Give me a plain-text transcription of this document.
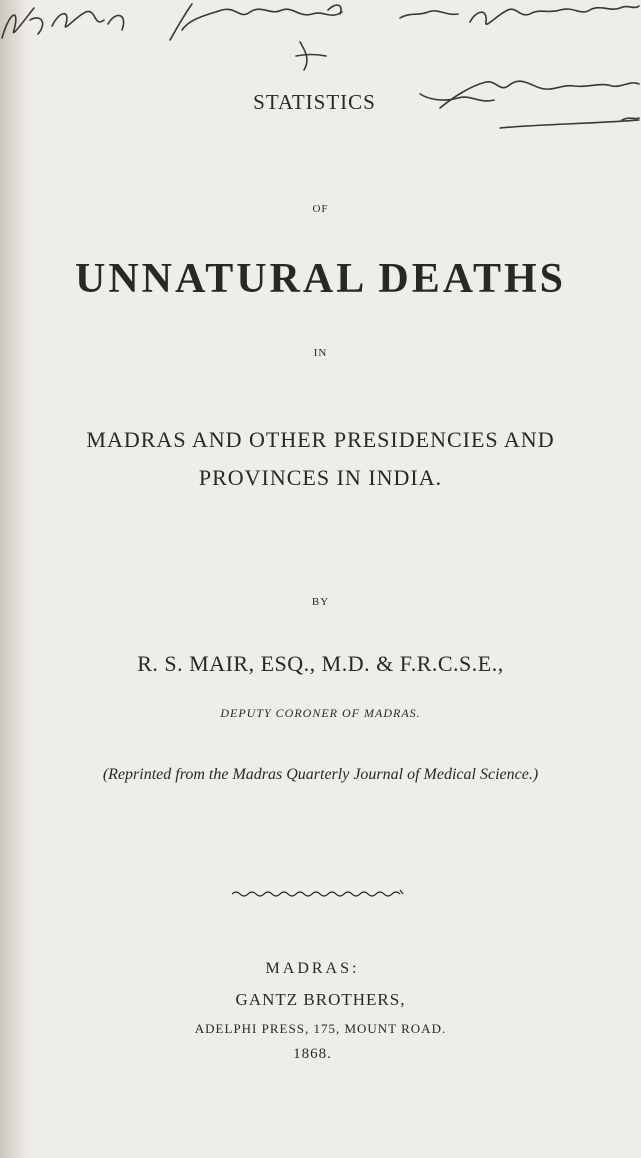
STATISTICS
OF
UNNATURAL DEATHS
IN
MADRAS AND OTHER PRESIDENCIES AND
PROVINCES IN INDIA.
BY
R. S. MAIR, ESQ., M.D. & F.R.C.S.E.,
DEPUTY CORONER OF MADRAS.
(Reprinted from the Madras Quarterly Journal of Medical Science.)
MADRAS:
GANTZ BROTHERS,
ADELPHI PRESS, 175, MOUNT ROAD.
1868.
